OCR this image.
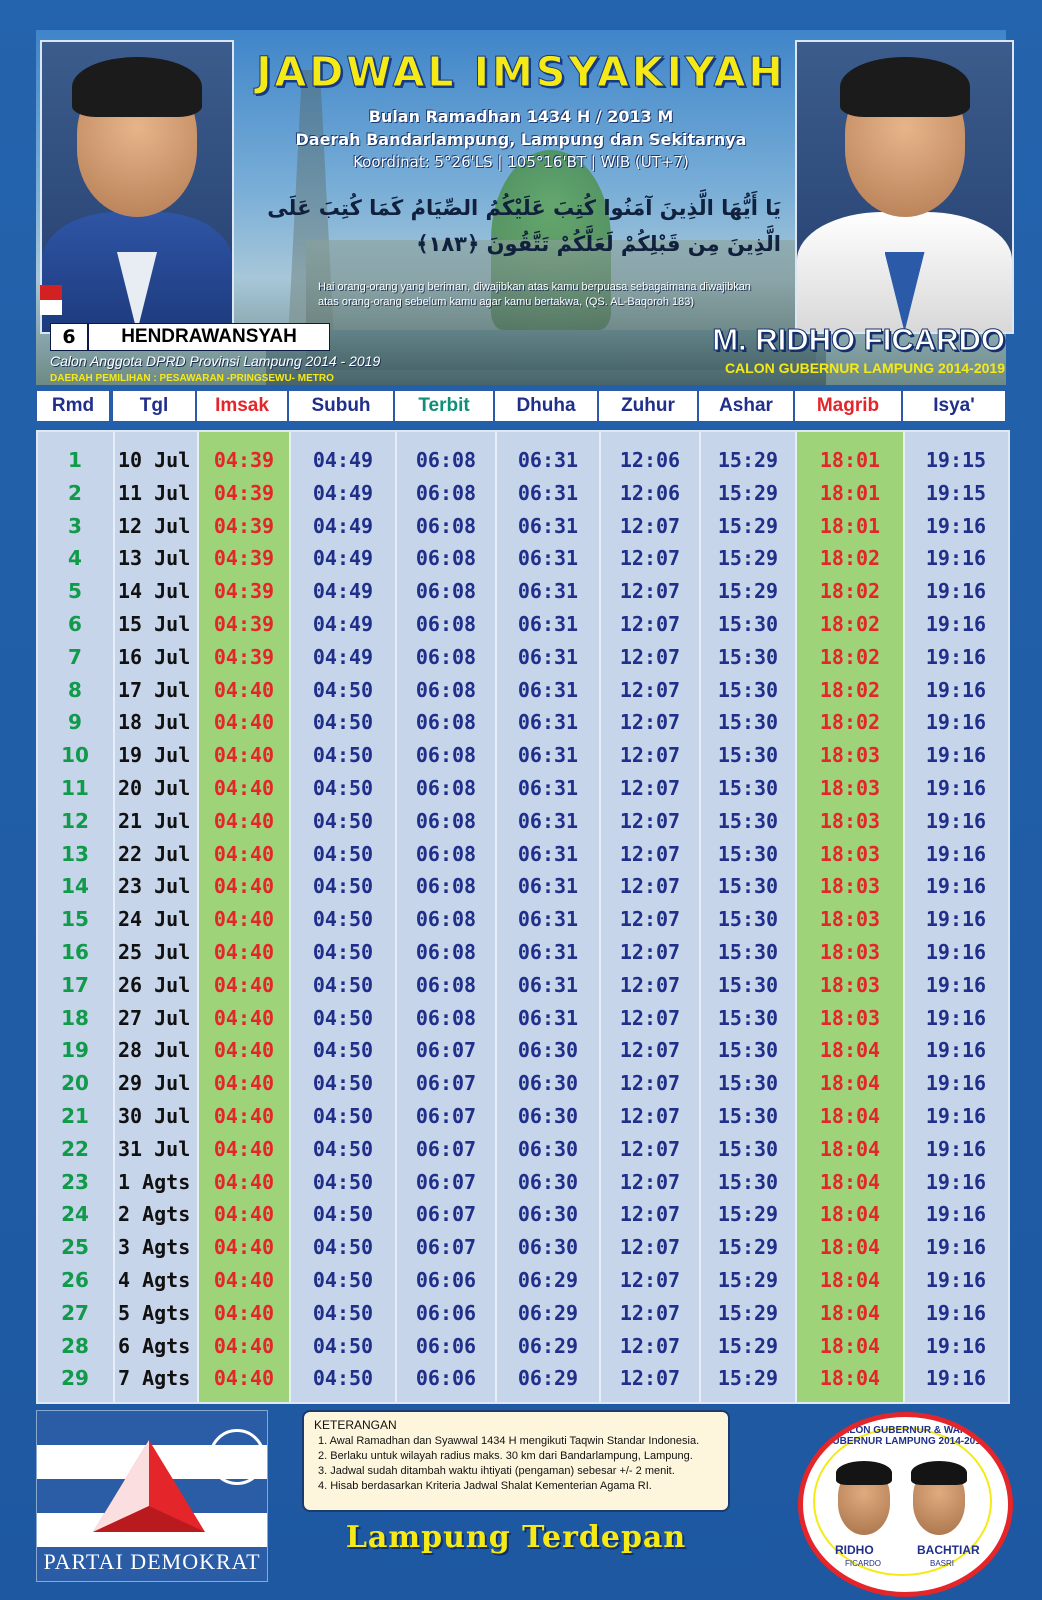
JADWAL IMSYAKIYAH
Bulan Ramadhan 1434 H / 2013 M
Daerah Bandarlampung, Lampung dan Sekitarnya
Koordinat: 5°26'LS | 105°16'BT | WIB (UT+7)
يَا أَيُّهَا الَّذِينَ آمَنُوا كُتِبَ عَلَيْكُمُ الصِّيَامُ كَمَا كُتِبَ عَلَى
الَّذِينَ مِن قَبْلِكُمْ لَعَلَّكُمْ تَتَّقُونَ ﴿١٨٣﴾
Hai orang-orang yang beriman, diwajibkan atas kamu berpuasa sebagaimana diwajibkan
atas orang-orang sebelum kamu agar kamu bertakwa, (QS. AL-Baqoroh 183)
6	HENDRAWANSYAH
Calon Anggota DPRD Provinsi Lampung 2014 - 2019
DAERAH PEMILIHAN : PESAWARAN -PRINGSEWU- METRO
M. RIDHO FICARDO
CALON GUBERNUR LAMPUNG 2014-2019
Rmd	Tgl	Imsak	Subuh	Terbit	Dhuha	Zuhur	Ashar	Magrib	Isya'
1	10 Jul	04:39	04:49	06:08	06:31	12:06	15:29	18:01	19:15
2	11 Jul	04:39	04:49	06:08	06:31	12:06	15:29	18:01	19:15
3	12 Jul	04:39	04:49	06:08	06:31	12:07	15:29	18:01	19:16
4	13 Jul	04:39	04:49	06:08	06:31	12:07	15:29	18:02	19:16
5	14 Jul	04:39	04:49	06:08	06:31	12:07	15:29	18:02	19:16
6	15 Jul	04:39	04:49	06:08	06:31	12:07	15:30	18:02	19:16
7	16 Jul	04:39	04:49	06:08	06:31	12:07	15:30	18:02	19:16
8	17 Jul	04:40	04:50	06:08	06:31	12:07	15:30	18:02	19:16
9	18 Jul	04:40	04:50	06:08	06:31	12:07	15:30	18:02	19:16
10	19 Jul	04:40	04:50	06:08	06:31	12:07	15:30	18:03	19:16
11	20 Jul	04:40	04:50	06:08	06:31	12:07	15:30	18:03	19:16
12	21 Jul	04:40	04:50	06:08	06:31	12:07	15:30	18:03	19:16
13	22 Jul	04:40	04:50	06:08	06:31	12:07	15:30	18:03	19:16
14	23 Jul	04:40	04:50	06:08	06:31	12:07	15:30	18:03	19:16
15	24 Jul	04:40	04:50	06:08	06:31	12:07	15:30	18:03	19:16
16	25 Jul	04:40	04:50	06:08	06:31	12:07	15:30	18:03	19:16
17	26 Jul	04:40	04:50	06:08	06:31	12:07	15:30	18:03	19:16
18	27 Jul	04:40	04:50	06:08	06:31	12:07	15:30	18:03	19:16
19	28 Jul	04:40	04:50	06:07	06:30	12:07	15:30	18:04	19:16
20	29 Jul	04:40	04:50	06:07	06:30	12:07	15:30	18:04	19:16
21	30 Jul	04:40	04:50	06:07	06:30	12:07	15:30	18:04	19:16
22	31 Jul	04:40	04:50	06:07	06:30	12:07	15:30	18:04	19:16
23	1 Agts	04:40	04:50	06:07	06:30	12:07	15:30	18:04	19:16
24	2 Agts	04:40	04:50	06:07	06:30	12:07	15:29	18:04	19:16
25	3 Agts	04:40	04:50	06:07	06:30	12:07	15:29	18:04	19:16
26	4 Agts	04:40	04:50	06:06	06:29	12:07	15:29	18:04	19:16
27	5 Agts	04:40	04:50	06:06	06:29	12:07	15:29	18:04	19:16
28	6 Agts	04:40	04:50	06:06	06:29	12:07	15:29	18:04	19:16
29	7 Agts	04:40	04:50	06:06	06:29	12:07	15:29	18:04	19:16
7
PARTAI DEMOKRAT
KETERANGAN
1. Awal Ramadhan dan Syawwal 1434 H mengikuti Taqwin Standar Indonesia.
2. Berlaku untuk wilayah radius maks. 30 km dari Bandarlampung, Lampung.
3. Jadwal sudah ditambah waktu ihtiyati (pengaman) sebesar +/- 2 menit.
4. Hisab berdasarkan Kriteria Jadwal Shalat Kementerian Agama RI.
Lampung Terdepan
CALON GUBERNUR & WAKIL GUBERNUR LAMPUNG 2014-2019
RIDHO	BACHTIAR
FICARDO	BASRI
